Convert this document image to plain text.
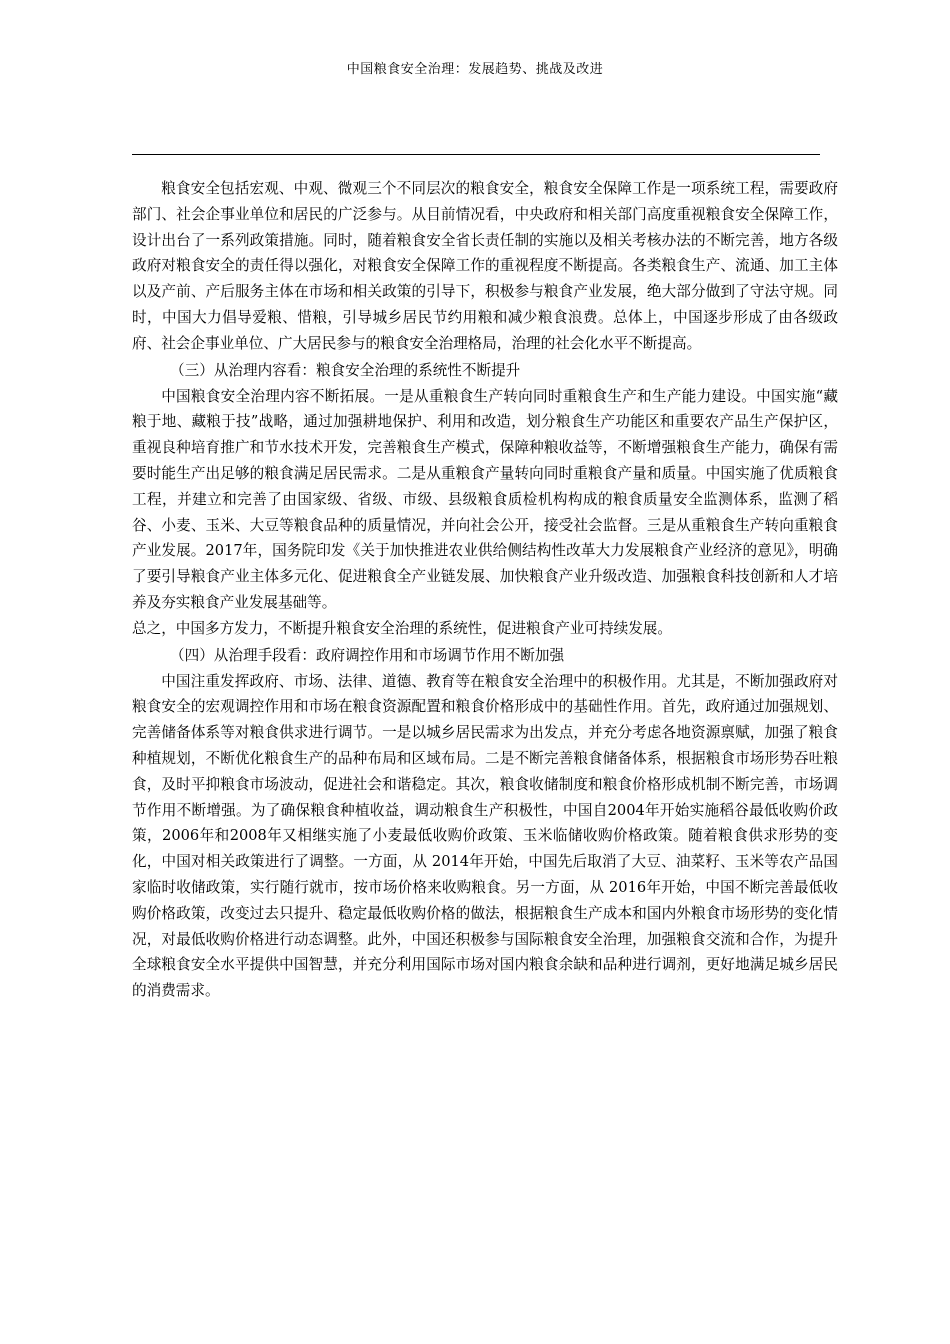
中国粮食安全治理：发展趋势、挑战及改进

粮食安全包括宏观、中观、微观三个不同层次的粮食安全，粮食安全保障工作是一项系统工程，需要政府部门、社会企事业单位和居民的广泛参与。从目前情况看，中央政府和相关部门高度重视粮食安全保障工作，设计出台了一系列政策措施。同时，随着粮食安全省长责任制的实施以及相关考核办法的不断完善，地方各级政府对粮食安全的责任得以强化，对粮食安全保障工作的重视程度不断提高。各类粮食生产、流通、加工主体以及产前、产后服务主体在市场和相关政策的引导下，积极参与粮食产业发展，绝大部分做到了守法守规。同时，中国大力倡导爱粮、惜粮，引导城乡居民节约用粮和减少粮食浪费。总体上，中国逐步形成了由各级政府、社会企事业单位、广大居民参与的粮食安全治理格局，治理的社会化水平不断提高。

（三）从治理内容看：粮食安全治理的系统性不断提升

中国粮食安全治理内容不断拓展。一是从重粮食生产转向同时重粮食生产和生产能力建设。中国实施“藏粮于地、藏粮于技”战略，通过加强耕地保护、利用和改造，划分粮食生产功能区和重要农产品生产保护区，重视良种培育推广和节水技术开发，完善粮食生产模式，保障种粮收益等，不断增强粮食生产能力，确保有需要时能生产出足够的粮食满足居民需求。二是从重粮食产量转向同时重粮食产量和质量。中国实施了优质粮食工程，并建立和完善了由国家级、省级、市级、县级粮食质检机构构成的粮食质量安全监测体系，监测了稻谷、小麦、玉米、大豆等粮食品种的质量情况，并向社会公开，接受社会监督。三是从重粮食生产转向重粮食产业发展。2017年，国务院印发《关于加快推进农业供给侧结构性改革大力发展粮食产业经济的意见》，明确了要引导粮食产业主体多元化、促进粮食全产业链发展、加快粮食产业升级改造、加强粮食科技创新和人才培养及夯实粮食产业发展基础等。

总之，中国多方发力，不断提升粮食安全治理的系统性，促进粮食产业可持续发展。

（四）从治理手段看：政府调控作用和市场调节作用不断加强

中国注重发挥政府、市场、法律、道德、教育等在粮食安全治理中的积极作用。尤其是，不断加强政府对粮食安全的宏观调控作用和市场在粮食资源配置和粮食价格形成中的基础性作用。首先，政府通过加强规划、完善储备体系等对粮食供求进行调节。一是以城乡居民需求为出发点，并充分考虑各地资源禀赋，加强了粮食种植规划，不断优化粮食生产的品种布局和区域布局。二是不断完善粮食储备体系，根据粮食市场形势吞吐粮食，及时平抑粮食市场波动，促进社会和谐稳定。其次，粮食收储制度和粮食价格形成机制不断完善，市场调节作用不断增强。为了确保粮食种植收益，调动粮食生产积极性，中国自2004年开始实施稻谷最低收购价政策，2006年和2008年又相继实施了小麦最低收购价政策、玉米临储收购价格政策。随着粮食供求形势的变化，中国对相关政策进行了调整。一方面，从 2014年开始，中国先后取消了大豆、油菜籽、玉米等农产品国家临时收储政策，实行随行就市，按市场价格来收购粮食。另一方面，从 2016年开始，中国不断完善最低收购价格政策，改变过去只提升、稳定最低收购价格的做法，根据粮食生产成本和国内外粮食市场形势的变化情况，对最低收购价格进行动态调整。此外，中国还积极参与国际粮食安全治理，加强粮食交流和合作，为提升全球粮食安全水平提供中国智慧，并充分利用国际市场对国内粮食余缺和品种进行调剂，更好地满足城乡居民的消费需求。
